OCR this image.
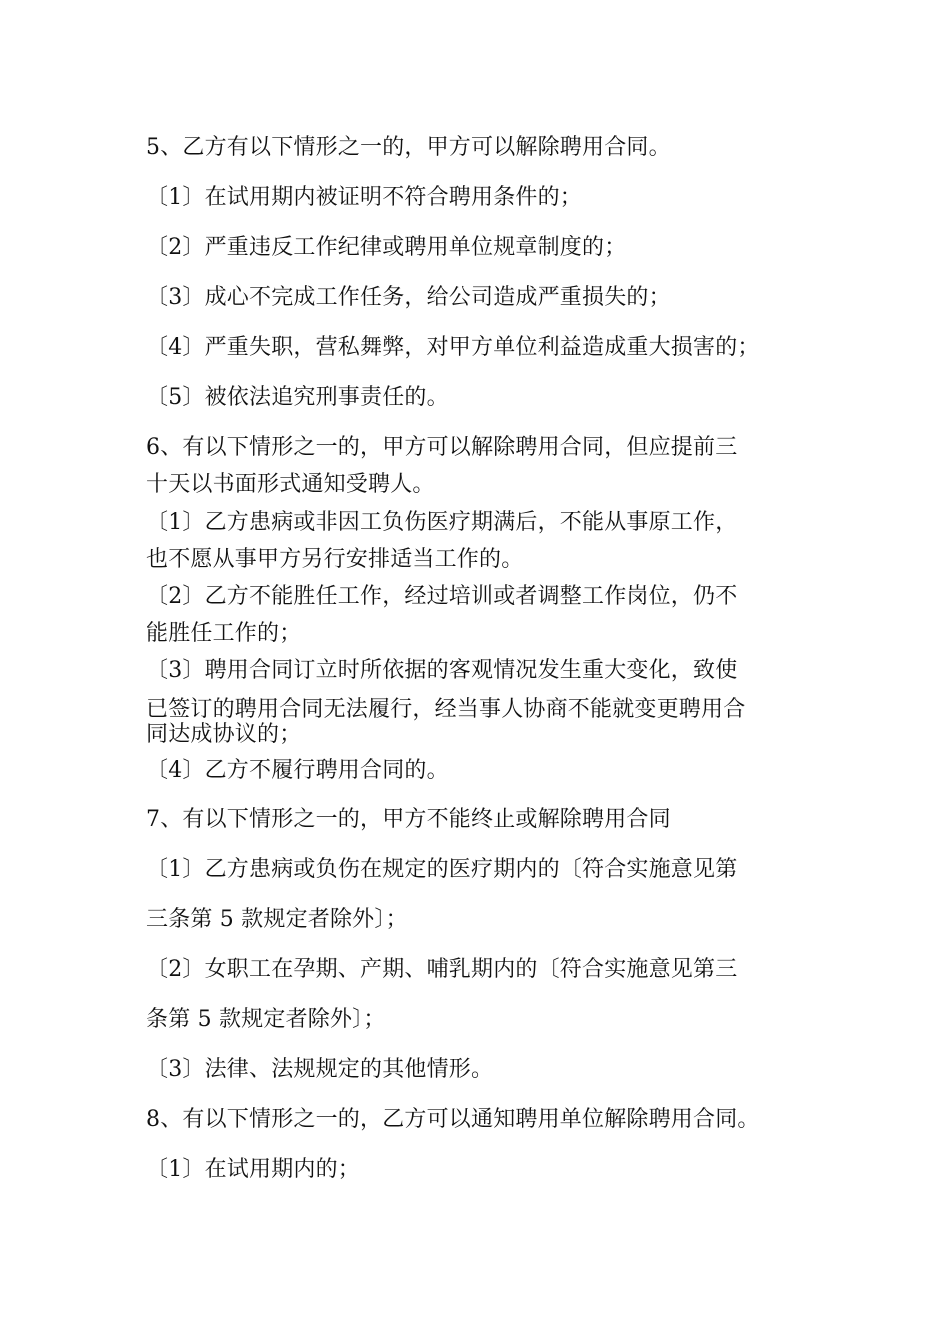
5、乙方有以下情形之一的，甲方可以解除聘用合同。
〔1〕在试用期内被证明不符合聘用条件的；
〔2〕严重违反工作纪律或聘用单位规章制度的；
〔3〕成心不完成工作任务，给公司造成严重损失的；
〔4〕严重失职，营私舞弊，对甲方单位利益造成重大损害的；
〔5〕被依法追究刑事责任的。
6、有以下情形之一的，甲方可以解除聘用合同，但应提前三
十天以书面形式通知受聘人。
〔1〕乙方患病或非因工负伤医疗期满后，不能从事原工作，
也不愿从事甲方另行安排适当工作的。
〔2〕乙方不能胜任工作，经过培训或者调整工作岗位，仍不
能胜任工作的；
〔3〕聘用合同订立时所依据的客观情况发生重大变化，致使
已签订的聘用合同无法履行，经当事人协商不能就变更聘用合
同达成协议的；
〔4〕乙方不履行聘用合同的。
7、有以下情形之一的，甲方不能终止或解除聘用合同
〔1〕乙方患病或负伤在规定的医疗期内的〔符合实施意见第
三条第 5 款规定者除外〕；
〔2〕女职工在孕期、产期、哺乳期内的〔符合实施意见第三
条第 5 款规定者除外〕；
〔3〕法律、法规规定的其他情形。
8、有以下情形之一的，乙方可以通知聘用单位解除聘用合同。
〔1〕在试用期内的；
